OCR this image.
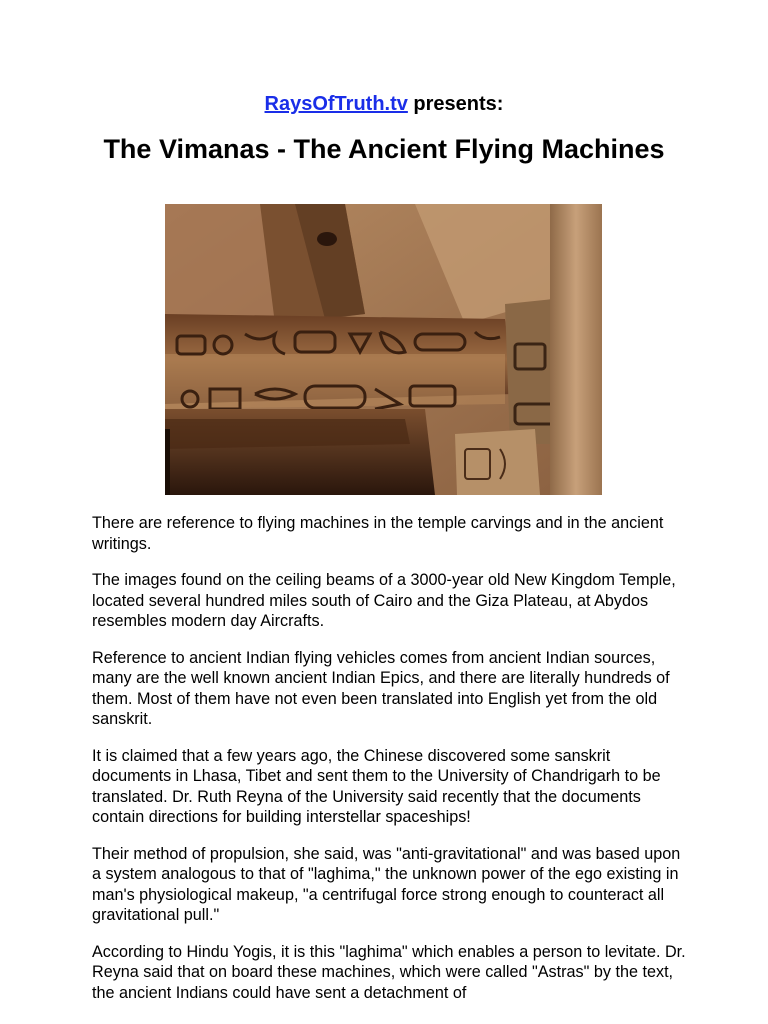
RaysOfTruth.tv presents:
The Vimanas - The Ancient Flying Machines

There are reference to flying machines in the temple carvings and in the ancient writings.

The images found on the ceiling beams of a 3000-year old New Kingdom Temple, located several hundred miles south of Cairo and the Giza Plateau, at Abydos resembles modern day Aircrafts.

Reference to ancient Indian flying vehicles comes from ancient Indian sources, many are the well known ancient Indian Epics, and there are literally hundreds of them. Most of them have not even been translated into English yet from the old sanskrit.

It is claimed that a few years ago, the Chinese discovered some sanskrit documents in Lhasa, Tibet and sent them to the University of Chandrigarh to be translated. Dr. Ruth Reyna of the University said recently that the documents contain directions for building interstellar spaceships!

Their method of propulsion, she said, was "anti-gravitational" and was based upon a system analogous to that of "laghima," the unknown power of the ego existing in man's physiological makeup, "a centrifugal force strong enough to counteract all gravitational pull."

According to Hindu Yogis, it is this "laghima" which enables a person to levitate. Dr. Reyna said that on board these machines, which were called "Astras" by the text, the ancient Indians could have sent a detachment of
